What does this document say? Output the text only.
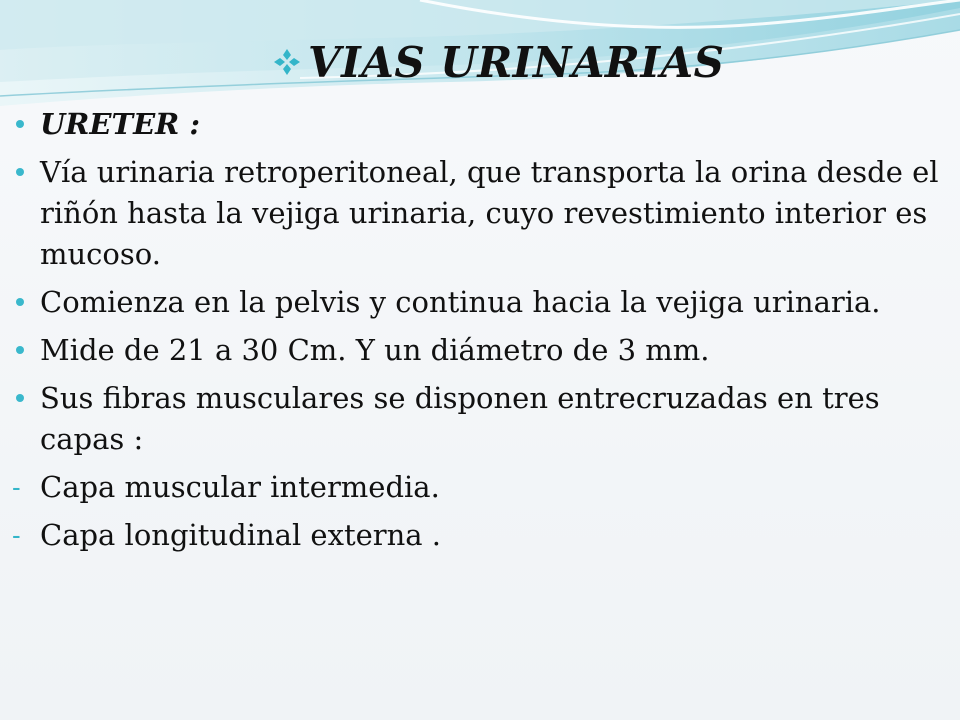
VIAS URINARIAS
URETER :
Vía urinaria retroperitoneal, que transporta la orina desde el riñón hasta la vejiga urinaria, cuyo revestimiento interior es mucoso.
Comienza en la pelvis y continua hacia la vejiga urinaria.
Mide de 21 a 30 Cm. Y un diámetro de 3 mm.
Sus fibras musculares se disponen entrecruzadas en tres capas :
- Capa muscular intermedia.
- Capa longitudinal externa .
